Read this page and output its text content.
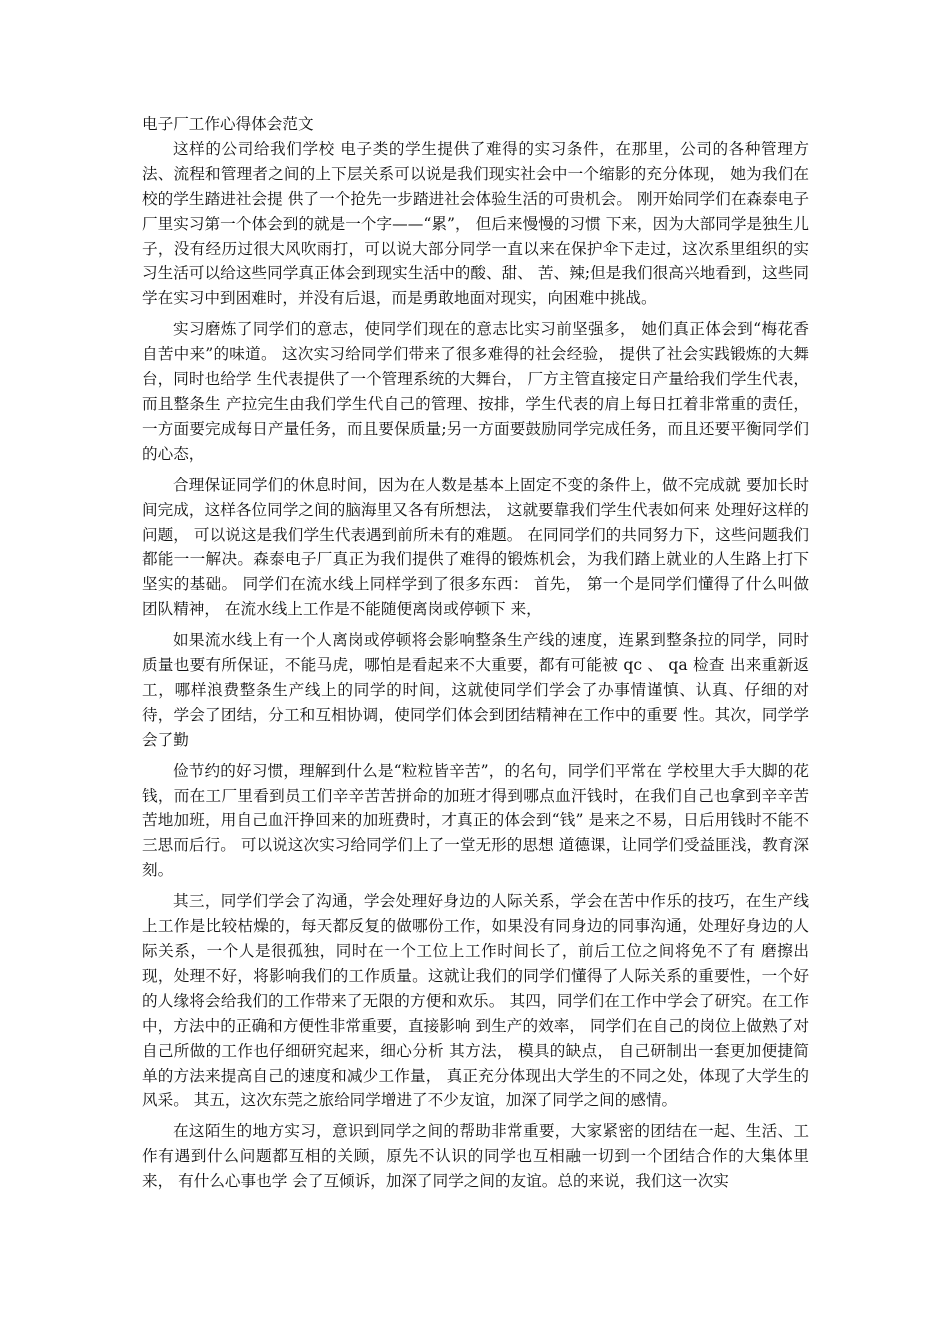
电子厂工作心得体会范文

这样的公司给我们学校 电子类的学生提供了难得的实习条件，在那里，公司的各种管理方法、流程和管理者之间的上下层关系可以说是我们现实社会中一个缩影的充分体现， 她为我们在校的学生踏进社会提 供了一个抢先一步踏进社会体验生活的可贵机会。 刚开始同学们在森泰电子厂里实习第一个体会到的就是一个字——“累”， 但后来慢慢的习惯 下来，因为大部同学是独生儿子，没有经历过很大风吹雨打，可以说大部分同学一直以来在保护伞下走过，这次系里组织的实习生活可以给这些同学真正体会到现实生活中的酸、甜、 苦、辣;但是我们很高兴地看到，这些同学在实习中到困难时，并没有后退，而是勇敢地面对现实，向困难中挑战。

实习磨炼了同学们的意志，使同学们现在的意志比实习前坚强多， 她们真正体会到“梅花香自苦中来”的味道。 这次实习给同学们带来了很多难得的社会经验， 提供了社会实践锻炼的大舞台，同时也给学 生代表提供了一个管理系统的大舞台， 厂方主管直接定日产量给我们学生代表， 而且整条生 产拉完生由我们学生代自己的管理、按排，学生代表的肩上每日扛着非常重的责任，一方面要完成每日产量任务，而且要保质量;另一方面要鼓励同学完成任务，而且还要平衡同学们 的心态，

合理保证同学们的休息时间，因为在人数是基本上固定不变的条件上，做不完成就 要加长时间完成，这样各位同学之间的脑海里又各有所想法， 这就要靠我们学生代表如何来 处理好这样的问题， 可以说这是我们学生代表遇到前所未有的难题。 在同同学们的共同努力下，这些问题我们都能一一解决。森泰电子厂真正为我们提供了难得的锻炼机会，为我们踏上就业的人生路上打下坚实的基础。 同学们在流水线上同样学到了很多东西： 首先， 第一个是同学们懂得了什么叫做团队精神， 在流水线上工作是不能随便离岗或停顿下 来，

如果流水线上有一个人离岗或停顿将会影响整条生产线的速度，连累到整条拉的同学，同时质量也要有所保证，不能马虎，哪怕是看起来不大重要，都有可能被 qc 、 qa 检查 出来重新返工，哪样浪费整条生产线上的同学的时间，这就使同学们学会了办事情谨慎、认真、仔细的对待，学会了团结，分工和互相协调，使同学们体会到团结精神在工作中的重要 性。其次，同学学会了勤

俭节约的好习惯，理解到什么是“粒粒皆辛苦”，的名句，同学们平常在 学校里大手大脚的花钱，而在工厂里看到员工们辛辛苦苦拼命的加班才得到哪点血汗钱时，在我们自己也拿到辛辛苦苦地加班，用自己血汗挣回来的加班费时，才真正的体会到“钱” 是来之不易，日后用钱时不能不三思而后行。 可以说这次实习给同学们上了一堂无形的思想 道德课，让同学们受益匪浅，教育深刻。

其三，同学们学会了沟通，学会处理好身边的人际关系，学会在苦中作乐的技巧，在生产线 上工作是比较枯燥的，每天都反复的做哪份工作，如果没有同身边的同事沟通，处理好身边的人际关系，一个人是很孤独，同时在一个工位上工作时间长了，前后工位之间将免不了有 磨擦出现，处理不好，将影响我们的工作质量。这就让我们的同学们懂得了人际关系的重要性，一个好的人缘将会给我们的工作带来了无限的方便和欢乐。 其四，同学们在工作中学会了研究。在工作中，方法中的正确和方便性非常重要，直接影响 到生产的效率， 同学们在自己的岗位上做熟了对自己所做的工作也仔细研究起来，细心分析 其方法， 模具的缺点， 自己研制出一套更加便捷简单的方法来提高自己的速度和减少工作量， 真正充分体现出大学生的不同之处，体现了大学生的风采。 其五，这次东莞之旅给同学增进了不少友谊，加深了同学之间的感情。

在这陌生的地方实习，意识到同学之间的帮助非常重要，大家紧密的团结在一起、生活、工作有遇到什么问题都互相的关顾，原先不认识的同学也互相融一切到一个团结合作的大集体里来， 有什么心事也学 会了互倾诉，加深了同学之间的友谊。总的来说，我们这一次实
